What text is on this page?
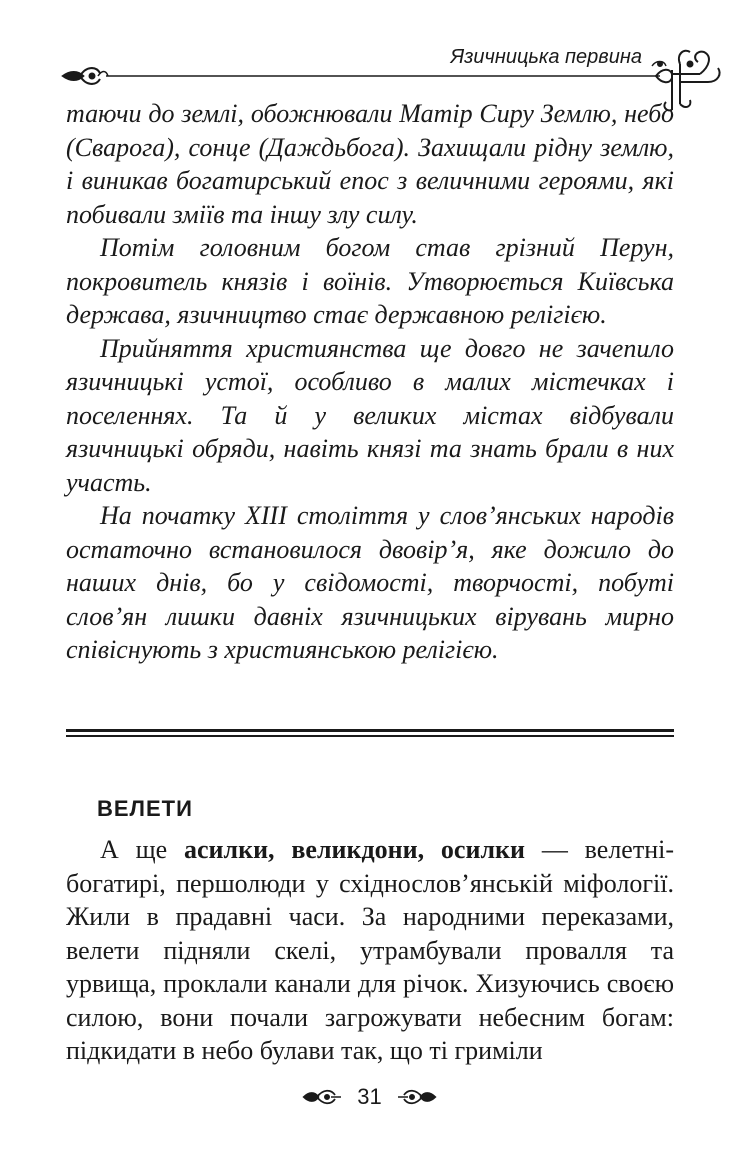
Язичницька первина

таючи до землі, обожнювали Матір Сиру Землю, небо (Сварога), сонце (Даждьбога). Захищали рідну землю, і виникав богатирський епос з величними героями, які побивали зміїв та іншу злу силу.

Потім головним богом став грізний Перун, покровитель князів і воїнів. Утворюється Київська держава, язичництво стає державною релігією.

Прийняття християнства ще довго не зачепило язичницькі устої, особливо в малих містечках і поселеннях. Та й у великих містах відбували язичницькі обряди, навіть князі та знать брали в них участь.

На початку XIII століття у слов’янських народів остаточно встановилося двовір’я, яке дожило до наших днів, бо у свідомості, творчості, побуті слов’ян лишки давніх язичницьких вірувань мирно співіснують з християнською релігією.

ВЕЛЕТИ

А ще асилки, великдони, осилки — велетні-богатирі, першолюди у східнослов’янській міфології. Жили в прадавні часи. За народними переказами, велети підняли скелі, утрамбували провалля та урвища, проклали канали для річок. Хизуючись своєю силою, вони почали загрожувати небесним богам: підкидати в небо булави так, що ті гриміли

31
